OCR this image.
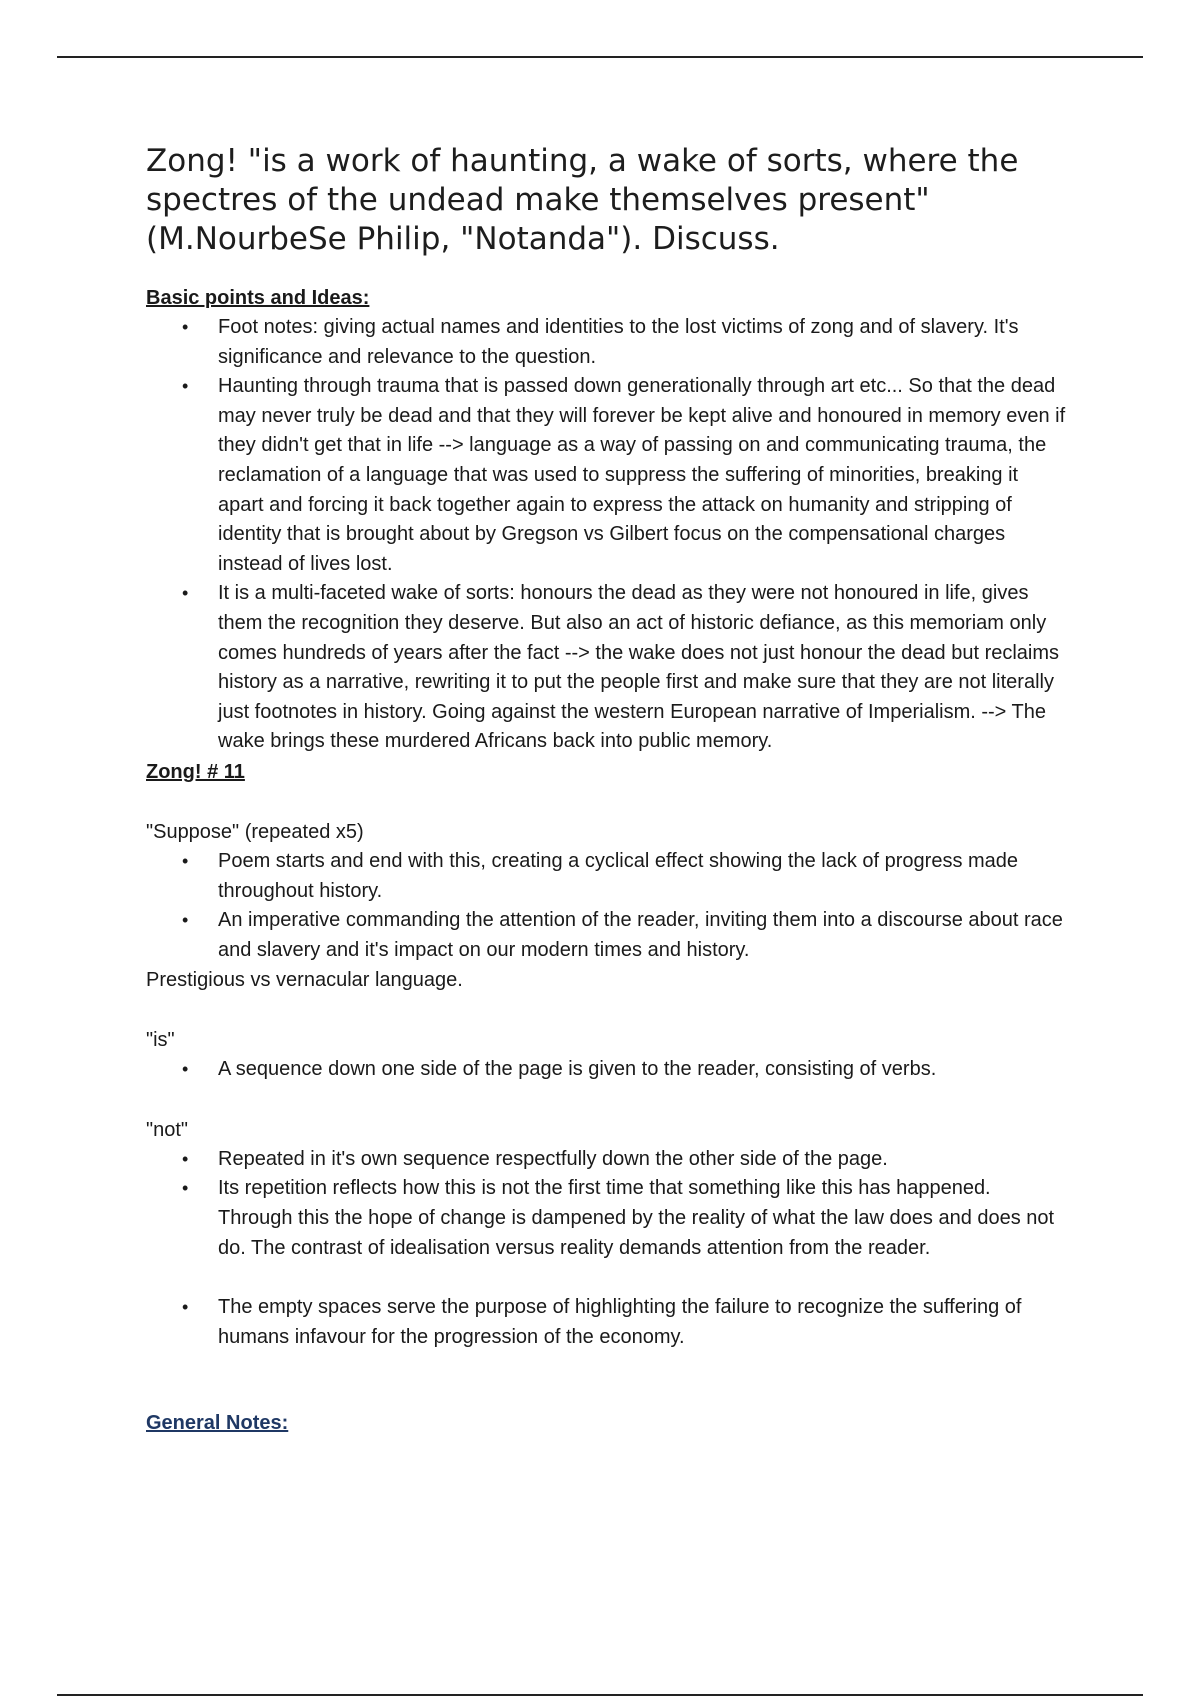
Zong! "is a work of haunting, a wake of sorts, where the spectres of the undead make themselves present"(M.NourbeSe Philip, "Notanda"). Discuss.

Basic points and Ideas:

• Foot notes: giving actual names and identities to the lost victims of zong and of slavery. It's significance and relevance to the question.
• Haunting through trauma that is passed down generationally through art etc... So that the dead may never truly be dead and that they will forever be kept alive and honoured in memory even if they didn't get that in life --> language as a way of passing on and communicating trauma, the reclamation of a language that was used to suppress the suffering of minorities, breaking it apart and forcing it back together again to express the attack on humanity and stripping of identity that is brought about by Gregson vs Gilbert focus on the compensational charges instead of lives lost.
• It is a multi-faceted wake of sorts: honours the dead as they were not honoured in life, gives them the recognition they deserve. But also an act of historic defiance, as this memoriam only comes hundreds of years after the fact --> the wake does not just honour the dead but reclaims history as a narrative, rewriting it to put the people first and make sure that they are not literally just footnotes in history. Going against the western European narrative of Imperialism. --> The wake brings these murdered Africans back into public memory.

Zong! # 11

"Suppose" (repeated x5)

• Poem starts and end with this, creating a cyclical effect showing the lack of progress made throughout history.
• An imperative commanding the attention of the reader, inviting them into a discourse about race and slavery and it's impact on our modern times and history.

Prestigious vs vernacular language.

"is"

• A sequence down one side of the page is given to the reader, consisting of verbs.

"not"

• Repeated in it's own sequence respectfully down the other side of the page.
• Its repetition reflects how this is not the first time that something like this has happened. Through this the hope of change is dampened by the reality of what the law does and does not do. The contrast of idealisation versus reality demands attention from the reader.
• The empty spaces serve the purpose of highlighting the failure to recognize the suffering of humans infavour for the progression of the economy.

General Notes:
